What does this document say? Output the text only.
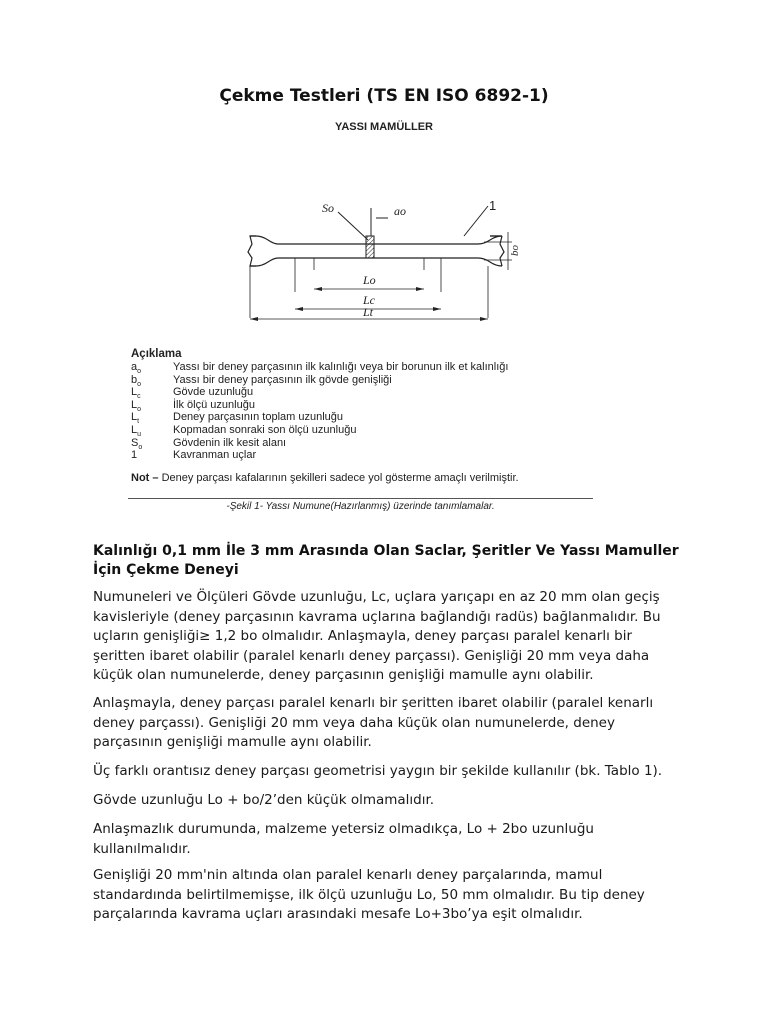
Çekme Testleri (TS EN ISO 6892-1)
YASSI MAMÜLLER
So	ao	1
bo
Lo
Lc
Lt
Açıklama
$a_o$	Yassı bir deney parçasının ilk kalınlığı veya bir borunun ilk et kalınlığı
$b_o$	Yassı bir deney parçasının ilk gövde genişliği
$L_c$	Gövde uzunluğu
$L_o$	İlk ölçü uzunluğu
$L_t$	Deney parçasının toplam uzunluğu
$L_u$	Kopmadan sonraki son ölçü uzunluğu
$S_o$	Gövdenin ilk kesit alanı
1	Kavranman uçlar
Not – Deney parçası kafalarının şekilleri sadece yol gösterme amaçlı verilmiştir.
-Şekil 1- Yassı Numune(Hazırlanmış) üzerinde tanımlamalar.
Kalınlığı 0,1 mm İle 3 mm Arasında Olan Saclar, Şeritler Ve Yassı Mamuller İçin Çekme Deneyi
Numuneleri ve Ölçüleri Gövde uzunluğu, Lc, uçlara yarıçapı en az 20 mm olan geçiş kavisleriyle (deney parçasının kavrama uçlarına bağlandığı radüs) bağlanmalıdır. Bu uçların genişliği≥ 1,2 bo olmalıdır. Anlaşmayla, deney parçası paralel kenarlı bir şeritten ibaret olabilir (paralel kenarlı deney parçassı). Genişliği 20 mm veya daha küçük olan numunelerde, deney parçasının genişliği mamulle aynı olabilir.
Anlaşmayla, deney parçası paralel kenarlı bir şeritten ibaret olabilir (paralel kenarlı deney parçassı). Genişliği 20 mm veya daha küçük olan numunelerde, deney parçasının genişliği mamulle aynı olabilir.
Üç farklı orantısız deney parçası geometrisi yaygın bir şekilde kullanılır (bk. Tablo 1).
Gövde uzunluğu Lo + bo/2’den küçük olmamalıdır.
Anlaşmazlık durumunda, malzeme yetersiz olmadıkça, Lo + 2bo uzunluğu kullanılmalıdır.
Genişliği 20 mm'nin altında olan paralel kenarlı deney parçalarında, mamul standardında belirtilmemişse, ilk ölçü uzunluğu Lo, 50 mm olmalıdır. Bu tip deney parçalarında kavrama uçları arasındaki mesafe Lo+3bo’ya eşit olmalıdır.
